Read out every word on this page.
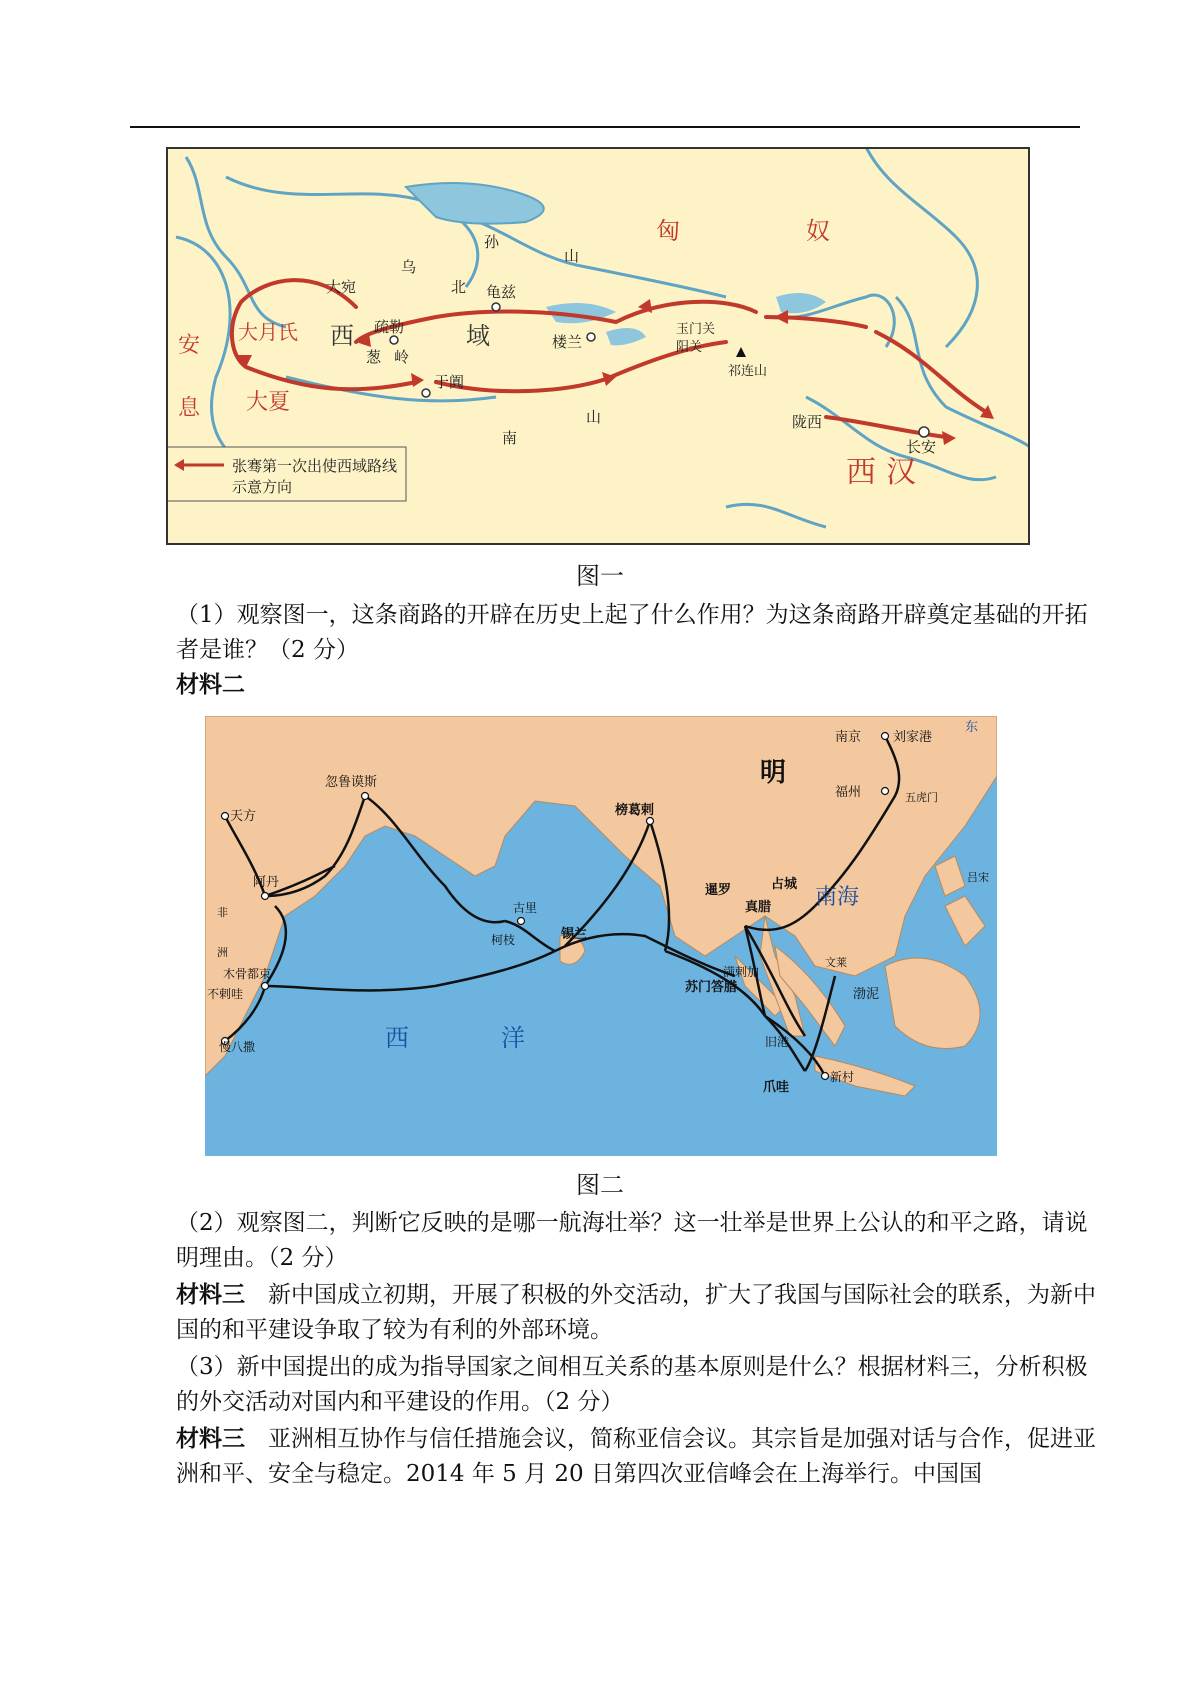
匈	奴
安
息 大夏
大月氏 西	域
西汉
山
乌
孙
北 龟兹
大宛
疏勒
葱 岭
楼兰
玉门关
阳关
祁连山
于阗
南
山	陇西
长安
张骞第一次出使西域路线
示意方向
图一
（1）观察图一，这条商路的开辟在历史上起了什么作用？为这条商路开辟奠定基础的开拓者是谁？（2 分）
材料二
明
东
南京 刘家港
福州	五虎门
忽鲁谟斯
天方
阿丹
非
洲
木骨都束
不剌哇
慢八撒
榜葛剌
古里
柯枝	锡兰
暹罗
真腊
占城
南海
吕宋
满剌加
苏门答腊
旧港
爪哇
新村
文莱
渤泥
西	洋
图二
（2）观察图二，判断它反映的是哪一航海壮举？这一壮举是世界上公认的和平之路，请说明理由。（2 分）
材料三　新中国成立初期，开展了积极的外交活动，扩大了我国与国际社会的联系，为新中国的和平建设争取了较为有利的外部环境。
（3）新中国提出的成为指导国家之间相互关系的基本原则是什么？根据材料三，分析积极的外交活动对国内和平建设的作用。（2 分）
材料三　亚洲相互协作与信任措施会议，简称亚信会议。其宗旨是加强对话与合作，促进亚洲和平、安全与稳定。2014 年 5 月 20 日第四次亚信峰会在上海举行。中国国
